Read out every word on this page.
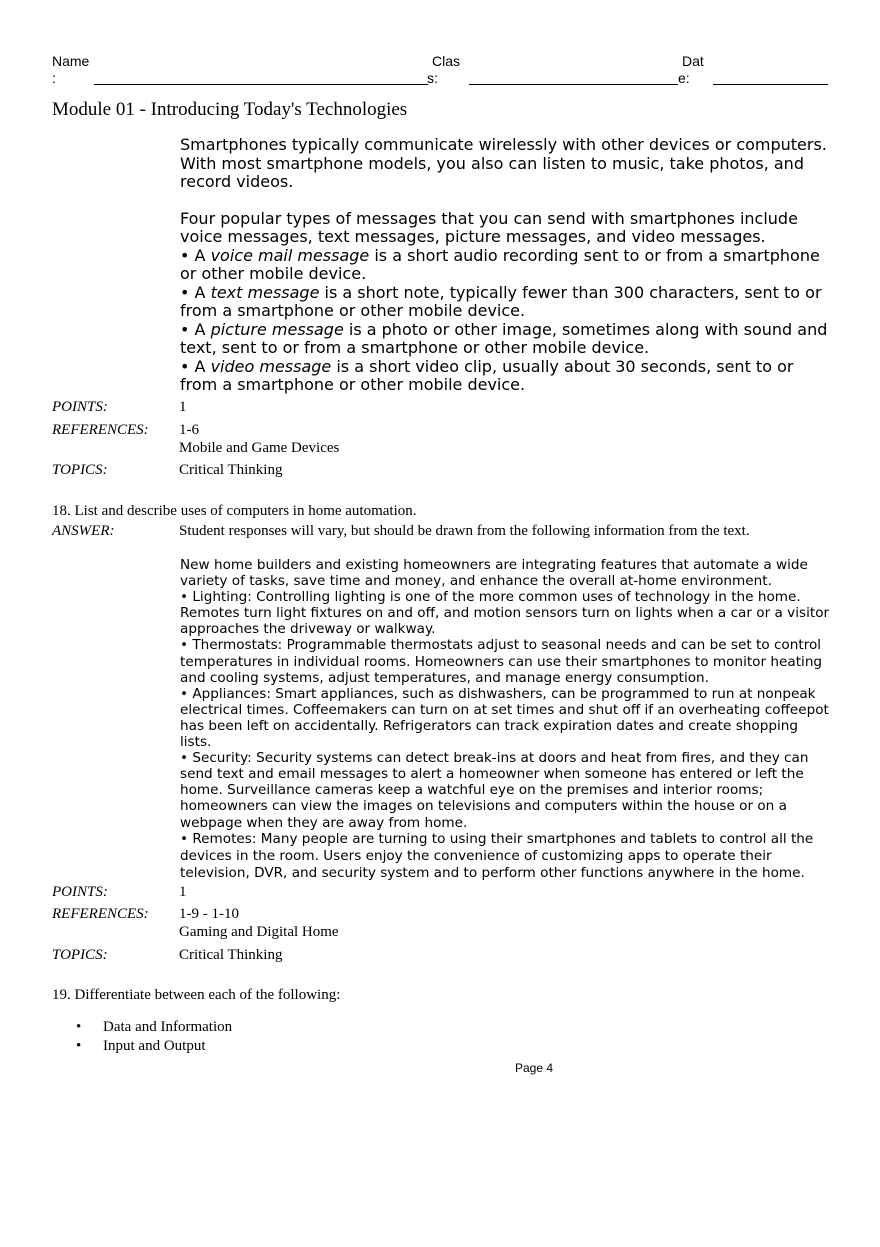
Name
:
Clas
s:
Dat
e:
Module 01 - Introducing Today's Technologies

Smartphones typically communicate wirelessly with other devices or computers. With most smartphone models, you also can listen to music, take photos, and record videos.

Four popular types of messages that you can send with smartphones include voice messages, text messages, picture messages, and video messages.

• A voice mail message is a short audio recording sent to or from a smartphone or other mobile device.

• A text message is a short note, typically fewer than 300 characters, sent to or from a smartphone or other mobile device.

• A picture message is a photo or other image, sometimes along with sound and text, sent to or from a smartphone or other mobile device.

• A video message is a short video clip, usually about 30 seconds, sent to or from a smartphone or other mobile device.

POINTS:	1
REFERENCES: 1-6
Mobile and Game Devices
TOPICS:	Critical Thinking
18. List and describe uses of computers in home automation.
ANSWER:	Student responses will vary, but should be drawn from the following information from the text.

New home builders and existing homeowners are integrating features that automate a wide variety of tasks, save time and money, and enhance the overall at-home environment.

• Lighting: Controlling lighting is one of the more common uses of technology in the home. Remotes turn light fixtures on and off, and motion sensors turn on lights when a car or a visitor approaches the driveway or walkway.

• Thermostats: Programmable thermostats adjust to seasonal needs and can be set to control temperatures in individual rooms. Homeowners can use their smartphones to monitor heating and cooling systems, adjust temperatures, and manage energy consumption.

• Appliances: Smart appliances, such as dishwashers, can be programmed to run at nonpeak electrical times. Coffeemakers can turn on at set times and shut off if an overheating coffeepot has been left on accidentally. Refrigerators can track expiration dates and create shopping lists.

• Security: Security systems can detect break-ins at doors and heat from fires, and they can send text and email messages to alert a homeowner when someone has entered or left the home. Surveillance cameras keep a watchful eye on the premises and interior rooms; homeowners can view the images on televisions and computers within the house or on a webpage when they are away from home.

• Remotes: Many people are turning to using their smartphones and tablets to control all the devices in the room. Users enjoy the convenience of customizing apps to operate their television, DVR, and security system and to perform other functions anywhere in the home.

POINTS:	1
REFERENCES: 1-9 - 1-10
Gaming and Digital Home
TOPICS:	Critical Thinking
19. Differentiate between each of the following:
• Data and Information
• Input and Output
Page 4
